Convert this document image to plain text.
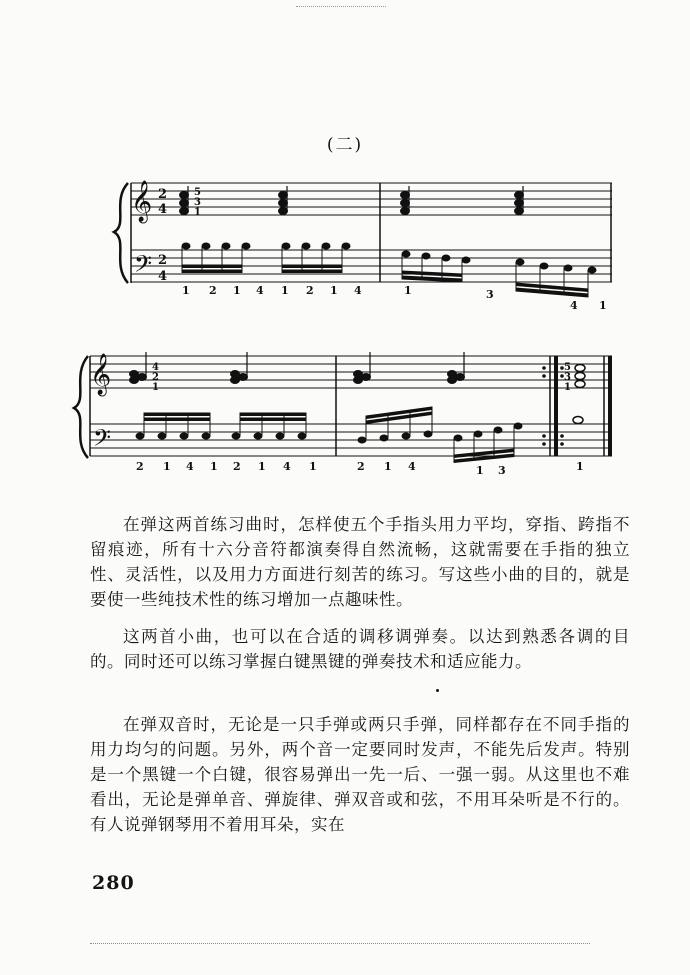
(二)
𝄞
𝄢
2
4
2
4
𝄞
𝄢
5
3
1
1 2 1 4 1 2 1 4	1	3
4 1
4
2
1
5
3
1
2 1 4 1 2 1 4 1	2 1 4	1 3	1

在弹这两首练习曲时，怎样使五个手指头用力平均，穿指、跨指不留痕迹，所有十六分音符都演奏得自然流畅，这就需要在手指的独立性、灵活性，以及用力方面进行刻苦的练习。写这些小曲的目的，就是要使一些纯技术性的练习增加一点趣味性。

这两首小曲，也可以在合适的调移调弹奏。以达到熟悉各调的目的。同时还可以练习掌握白键黑键的弹奏技术和适应能力。

在弹双音时，无论是一只手弹或两只手弹，同样都存在不同手指的用力均匀的问题。另外，两个音一定要同时发声，不能先后发声。特别是一个黑键一个白键，很容易弹出一先一后、一强一弱。从这里也不难看出，无论是弹单音、弹旋律、弹双音或和弦，不用耳朵听是不行的。有人说弹钢琴用不着用耳朵，实在

280
